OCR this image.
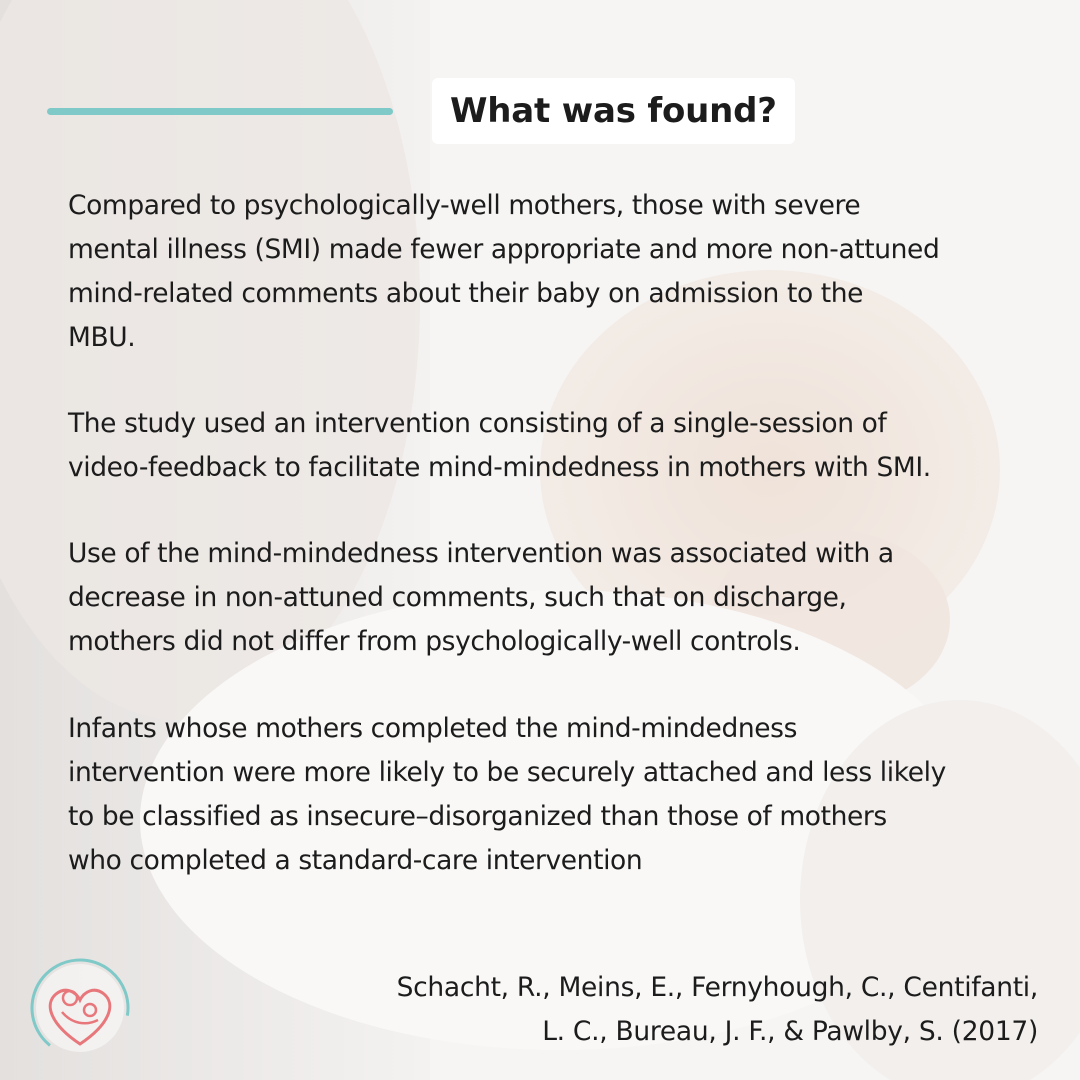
What was found?

Compared to psychologically-well mothers, those with severe
mental illness (SMI) made fewer appropriate and more non-attuned
mind-related comments about their baby on admission to the
MBU.

The study used an intervention consisting of a single-session of
video-feedback to facilitate mind-mindedness in mothers with SMI.

Use of the mind-mindedness intervention was associated with a
decrease in non-attuned comments, such that on discharge,
mothers did not differ from psychologically-well controls.

Infants whose mothers completed the mind-mindedness
intervention were more likely to be securely attached and less likely
to be classified as insecure–disorganized than those of mothers
who completed a standard-care intervention

Schacht, R., Meins, E., Fernyhough, C., Centifanti,
L. C., Bureau, J. F., & Pawlby, S. (2017)
